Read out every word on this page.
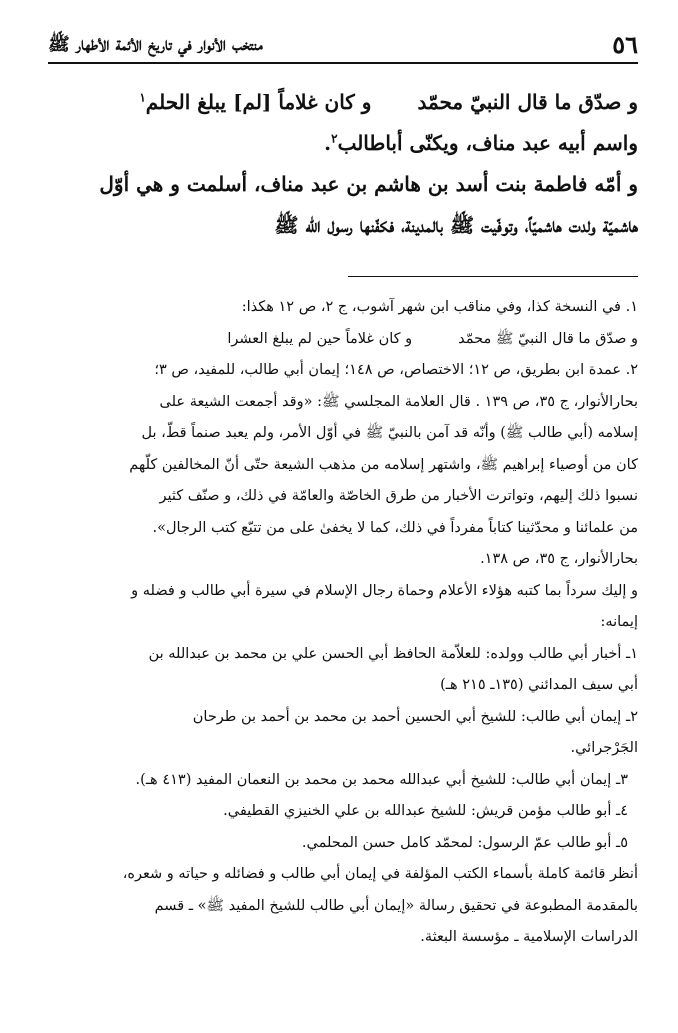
٥٦
منتخب الأنوار في تاريخ الأئمة الأطهار ﷺ

و صدّق ما قال النبيّ محمّدو كان غلاماً [لم] يبلغ الحلم$^١$

واسم أبيه عبد مناف، ويكنّى أباطالب$^٢$.

و أمّه فاطمة بنت أسد بن هاشم بن عبد مناف، أسلمت و هي أوّل

هاشميّة ولدت هاشميّاً، وتوفّيت ﷺ بالمدينة، فكفّنها رسول الله ﷺ

١. في النسخة كذا، وفي مناقب ابن شهر آشوب، ج ٢، ص ١٢ هكذا:

و صدّق ما قال النبيّ ﷺ محمّدو كان غلاماً حين لم يبلغ العشرا

٢. عمدة ابن بطريق، ص ١٢؛ الاختصاص، ص ١٤٨؛ إيمان أبي طالب، للمفيد، ص ٣؛

بحارالأنوار، ج ٣٥، ص ١٣٩ . قال العلامة المجلسي ﷺ: «وقد أجمعت الشيعة على

إسلامه (أبي طالب ﷺ) وأنّه قد آمن بالنبيّ ﷺ في أوّل الأمر، ولم يعبد صنماً قطّ، بل

كان من أوصياء إبراهيم ﷺ، واشتهر إسلامه من مذهب الشيعة حتّى أنّ المخالفين كلّهم

نسبوا ذلك إليهم، وتواترت الأخبار من طرق الخاصّة والعامّة في ذلك، و صنّف كثير

من علمائنا و محدّثينا كتاباً مفرداً في ذلك، كما لا يخفىٰ على من تتبّع كتب الرجال».

بحارالأنوار، ج ٣٥، ص ١٣٨.

و إليك سرداً بما كتبه هؤلاء الأعلام وحماة رجال الإسلام في سيرة أبي طالب و فضله و

إيمانه:

١ـ أخبار أبي طالب وولده: للعلاّمة الحافظ أبي الحسن علي بن محمد بن عبدالله بن

أبي سيف المدائني (١٣٥ـ ٢١٥ هـ)

٢ـ إيمان أبي طالب: للشيخ أبي الحسين أحمد بن محمد بن أحمد بن طرحان

الجَرْجرائي.

٣ـ إيمان أبي طالب: للشيخ أبي عبدالله محمد بن محمد بن النعمان المفيد (٤١٣ هـ).

٤ـ أبو طالب مؤمن قريش: للشيخ عبدالله بن علي الخنيزي القطيفي.

٥ـ أبو طالب عمّ الرسول: لمحمّد كامل حسن المحلمي.

أنظر قائمة كاملة بأسماء الكتب المؤلفة في إيمان أبي طالب و فضائله و حياته و شعره،

بالمقدمة المطبوعة في تحقيق رسالة «إيمان أبي طالب للشيخ المفيد ﷺ» ـ قسم

الدراسات الإسلامية ـ مؤسسة البعثة.
